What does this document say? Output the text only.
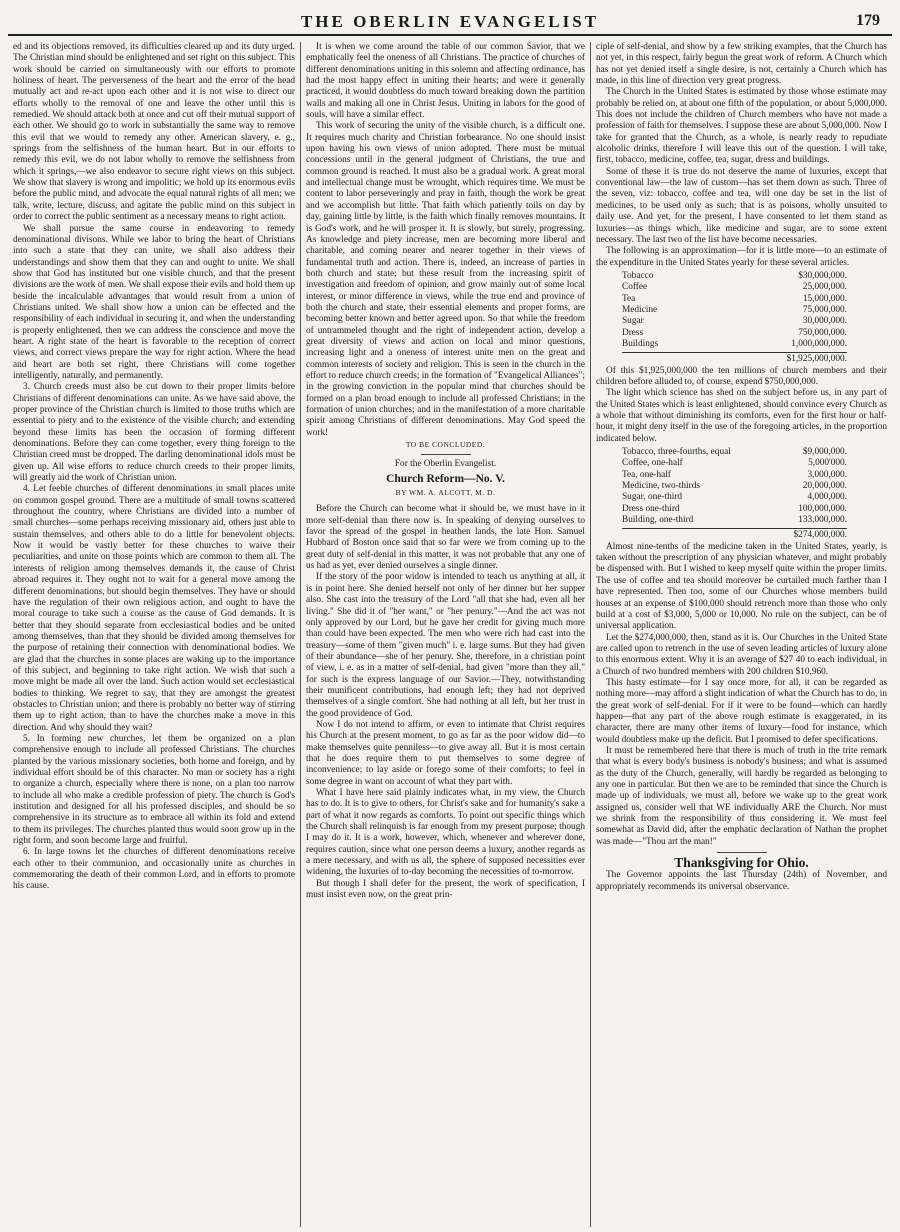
THE OBERLIN EVANGELIST	179

ed and its objections removed, its difficulties cleared up and its duty urged. The Christian mind should be enlightened and set right on this subject. This work should be carried on simultaneously with our efforts to promote holiness of heart. The perverseness of the heart and the error of the head mutually act and re-act upon each other and it is not wise to direct our efforts wholly to the removal of one and leave the other until this is remedied. We should attack both at once and cut off their mutual support of each other. We should go to work in substantially the same way to remove this evil that we would to remedy any other. American slavery, e. g., springs from the selfishness of the human heart. But in our efforts to remedy this evil, we do not labor wholly to remove the selfishness from which it springs,—we also endeavor to secure right views on this subject. We show that slavery is wrong and impolitic; we hold up its enormous evils before the public mind, and advocate the equal natural rights of all men; we talk, write, lecture, discuss, and agitate the public mind on this subject in order to correct the public sentiment as a necessary means to right action.

We shall pursue the same course in endeavoring to remedy denominational divisons. While we labor to bring the heart of Christians into such a state that they can unite, we shall also address their understandings and show them that they can and ought to unite. We shall show that God has instituted but one visible church, and that the present divisions are the work of men. We shall expose their evils and hold them up beside the incalculable advantages that would result from a union of Christians united. We shall show how a union can be effected and the responsibility of each individual in securing it, and when the understanding is properly enlightened, then we can address the conscience and move the heart. A right state of the heart is favorable to the reception of correct views, and correct views prepare the way for right action. Where the head and heart are both set right, there Christians will come together intelligently, naturally, and permanently.

3. Church creeds must also be cut down to their proper limits before Christians of different denominations can unite. As we have said above, the proper province of the Christian church is limited to those truths which are essential to piety and to the existence of the visible church; and extending beyond these limits has been the occasion of forming different denominations. Before they can come together, every thing foreign to the Christian creed must be dropped. The darling denominational idols must be given up. All wise efforts to reduce church creeds to their proper limits, will greatly aid the work of Christian union.

4. Let feeble churches of different denominations in small places unite on common gospel ground. There are a multitude of small towns scattered throughout the country, where Christians are divided into a number of small churches—some perhaps receiving missionary aid, others just able to sustain themselves, and others able to do a little for benevolent objects. Now it would be vastly better for these churches to waive their peculiarities, and unite on those points which are common to them all. The interests of religion among themselves demands it, the cause of Christ abroad requires it. They ought not to wait for a general move among the different denominations, but should begin themselves. They have or should have the regulation of their own religious action, and ought to have the moral courage to take such a course as the cause of God demands. It is better that they should separate from ecclesiastical bodies and be united among themselves, than that they should be divided among themselves for the purpose of retaining their connection with denominational bodies. We are glad that the churches in some places are waking up to the importance of this subject, and beginning to take right action. We wish that such a move might be made all over the land. Such action would set ecclesiastical bodies to thinking. We regret to say, that they are amongst the greatest obstacles to Christian union; and there is probably no better way of stirring them up to right action, than to have the churches make a move in this direction. And why should they wait?

5. In forming new churches, let them be organized on a plan comprehensive enough to include all professed Christians. The churches planted by the various missionary societies, both home and foreign, and by individual effort should be of this character. No man or society has a right to organize a church, especially where there is none, on a plan too narrow to include all who make a credible profession of piety. The church is God's institution and designed for all his professed disciples, and should be so comprehensive in its structure as to embrace all within its fold and extend to them its privileges. The churches planted thus would soon grow up in the right form, and soon become large and fruitful.

6. In large towns let the churches of different denominations receive each other to their communion, and occasionally unite as churches in commemorating the death of their common Lord, and in efforts to promote his cause.

It is when we come around the table of our common Savior, that we emphatically feel the oneness of all Christians. The practice of churches of different denominations uniting in this solemn and affecting ordinance, has had the most happy effect in uniting their hearts; and were it generally practiced, it would doubtless do much toward breaking down the partition walls and making all one in Christ Jesus. Uniting in labors for the good of souls, will have a similar effect.

This work of securing the unity of the visible church, is a difficult one. It requires much charity and Christian forbearance. No one should insist upon having his own views of union adopted. There must be mutual concessions until in the general judgment of Christians, the true and common ground is reached. It must also be a gradual work. A great moral and intellectual change must be wrought, which requires time. We must be content to labor perseveringly and pray in faith, though the work be great and we accomplish but little. That faith which patiently toils on day by day, gaining little by little, is the faith which finally removes mountains. It is God's work, and he will prosper it. It is slowly, but surely, progressing. As knowledge and piety increase, men are becoming more liberal and charitable, and coming nearer and nearer together in their views of fundamental truth and action. There is, indeed, an increase of parties in both church and state; but these result from the increasing spirit of investigation and freedom of opinion, and grow mainly out of some local interest, or minor difference in views, while the true end and province of both the church and state, their essential elements and proper forms, are becoming better known and better agreed upon. So that while the freedom of untrammeled thought and the right of independent action, develop a great diversity of views and action on local and minor questions, increasing light and a oneness of interest unite men on the great and common interests of society and religion. This is seen in the church in the effort to reduce church creeds; in the formation of "Evangelical Alliances"; in the growing conviction in the popular mind that churches should be formed on a plan broad enough to include all professed Christians; in the formation of union churches; and in the manifestation of a more charitable spirit among Christians of different denominations. May God speed the work!

TO BE CONCLUDED.

For the Oberlin Evangelist.

Church Reform—No. V.
BY WM. A. ALCOTT, M. D.

Before the Church can become what it should be, we must have in it more self-denial than there now is. In speaking of denying ourselves to favor the spread of the gospel in heathen lands, the late Hon. Samuel Hubbard of Boston once said that so far were we from coming up to the great duty of self-denial in this matter, it was not probable that any one of us had as yet, ever denied ourselves a single dinner.

If the story of the poor widow is intended to teach us anything at all, it is in point here. She denied herself not only of her dinner but her supper also. She cast into the treasury of the Lord "all that she had, even all her living." She did it of "her want," or "her penury."—And the act was not only approved by our Lord, but he gave her credit for giving much more than could have been expected. The men who were rich had cast into the treasury—some of them "given much" i. e. large sums. But they had given of their abundance—she of her penury. She, therefore, in a christian point of view, i. e. as in a matter of self-denial, had given "more than they all," for such is the express language of our Savior.—They, notwithstanding their munificent contributions, had enough left; they had not deprived themselves of a single comfort. She had nothing at all left, but her trust in the good providence of God.

Now I do not intend to affirm, or even to intimate that Christ requires his Church at the present moment, to go as far as the poor widow did—to make themselves quite penniless—to give away all. But it is most certain that he does require them to put themselves to some degree of inconvenience; to lay aside or forego some of their comforts; to feel in some degree in want on account of what they part with.

What I have here said plainly indicates what, in my view, the Church has to do. It is to give to others, for Christ's sake and for humanity's sake a part of what it now regards as comforts. To point out specific things which the Church shall relinquish is far enough from my present purpose; though I may do it. It is a work, however, which, whenever and wherever done, requires caution, since what one person deems a luxury, another regards as a mere necessary, and with us all, the sphere of supposed necessities ever widening, the luxuries of to-day becoming the necessities of to-morrow.

But though I shall defer for the present, the work of specification, I must insist even now, on the great prin-

ciple of self-denial, and show by a few striking examples, that the Church has not yet, in this respect, fairly begun the great work of reform. A Church which has not yet denied itself a single desire, is not, certainly a Church which has made, in this line of direction very great progress.

The Church in the United States is estimated by those whose estimate may probably be relied on, at about one fifth of the population, or about 5,000,000. This does not include the children of Church members who have not made a profession of faith for themselves. I suppose these are about 5,000,000. Now I take for granted that the Church, as a whole, is nearly ready to repudiate alcoholic drinks, therefore I will leave this out of the question. I will take, first, tobacco, medicine, coffee, tea, sugar, dress and buildings.

Some of these it is true do not deserve the name of luxuries, except that conventional law—the law of custom—has set them down as such. Three of the seven, viz: tobacco, coffee and tea, will one day be set in the list of medicines, to be used only as such; that is as poisons, wholly unsuited to daily use. And yet, for the present, I have consented to let them stand as luxuries—as things which, like medicine and sugar, are to some extent necessary. The last two of the list have become necessaries.

The following is an approximation—for it is little more—to an estimate of the expenditure in the United States yearly for these several articles.

Tobacco	$30,000,000.
Coffee	25,000,000.
Tea	15,000,000.
Medicine	75,000,000.
Sugar	30,000,000.
Dress	750,000,000.
Buildings	1,000,000,000.
$1,925,000,000.

Of this $1,925,000,000 the ten millions of church members and their children before alluded to, of course, expend $750,000,000.

The light which science has shed on the subject before us, in any part of the United States which is least enlightened, should convince every Church as a whole that without diminishing its comforts, even for the first hour or half-hour, it might deny itself in the use of the foregoing articles, in the proportion indicated below.

Tobacco, three-fourths, equal	$9,000,000.
Coffee, one-half	5,000'000.
Tea, one-half	3,000,000.
Medicine, two-thirds	20,000,000.
Sugar, one-third	4,000,000.
Dress one-third	100,000,000.
Building, one-third	133,000,000.
$274,000,000.

Almost nine-tenths of the medicine taken in the United States, yearly, is taken without the prescription of any physician whatever, and might probably be dispensed with. But I wished to keep myself quite within the proper limits. The use of coffee and tea should moreover be curtailed much farther than I have represented. Then too, some of our Churches whose members build houses at an expense of $100,000 should retrench more than those who only build at a cost of $3,000, 5,000 or 10,000. No rule on the subject, can be of universal application.

Let the $274,000,000, then, stand as it is. Our Churches in the United State are called upon to retrench in the use of seven leading articles of luxury alone to this enormous extent. Why it is an average of $27 40 to each individual, in a Church of two hundred members with 200 children $10,960.

This hasty estimate—for I say once more, for all, it can be regarded as nothing more—may afford a slight indication of what the Church has to do, in the great work of self-denial. For if it were to be found—which can hardly happen—that any part of the above rough estimate is exaggerated, in its character, there are many other items of luxury—food for instance, which would doubtless make up the deficit. But I promised to defer specifications.

It must be remembered here that there is much of truth in the trite remark that what is every body's business is nobody's business; and what is assumed as the duty of the Church, generally, will hardly be regarded as belonging to any one in particular. But then we are to be reminded that since the Church is made up of individuals, we must all, before we wake up to the great work assigned us, consider well that WE individually ARE the Church. Nor must we shrink from the responsibility of thus considering it. We must feel somewhat as David did, after the emphatic declaration of Nathan the prophet was made—"Thou art the man!"

Thanksgiving for Ohio.

The Governor appoints the last Thursday (24th) of November, and appropriately recommends its universal observance.
